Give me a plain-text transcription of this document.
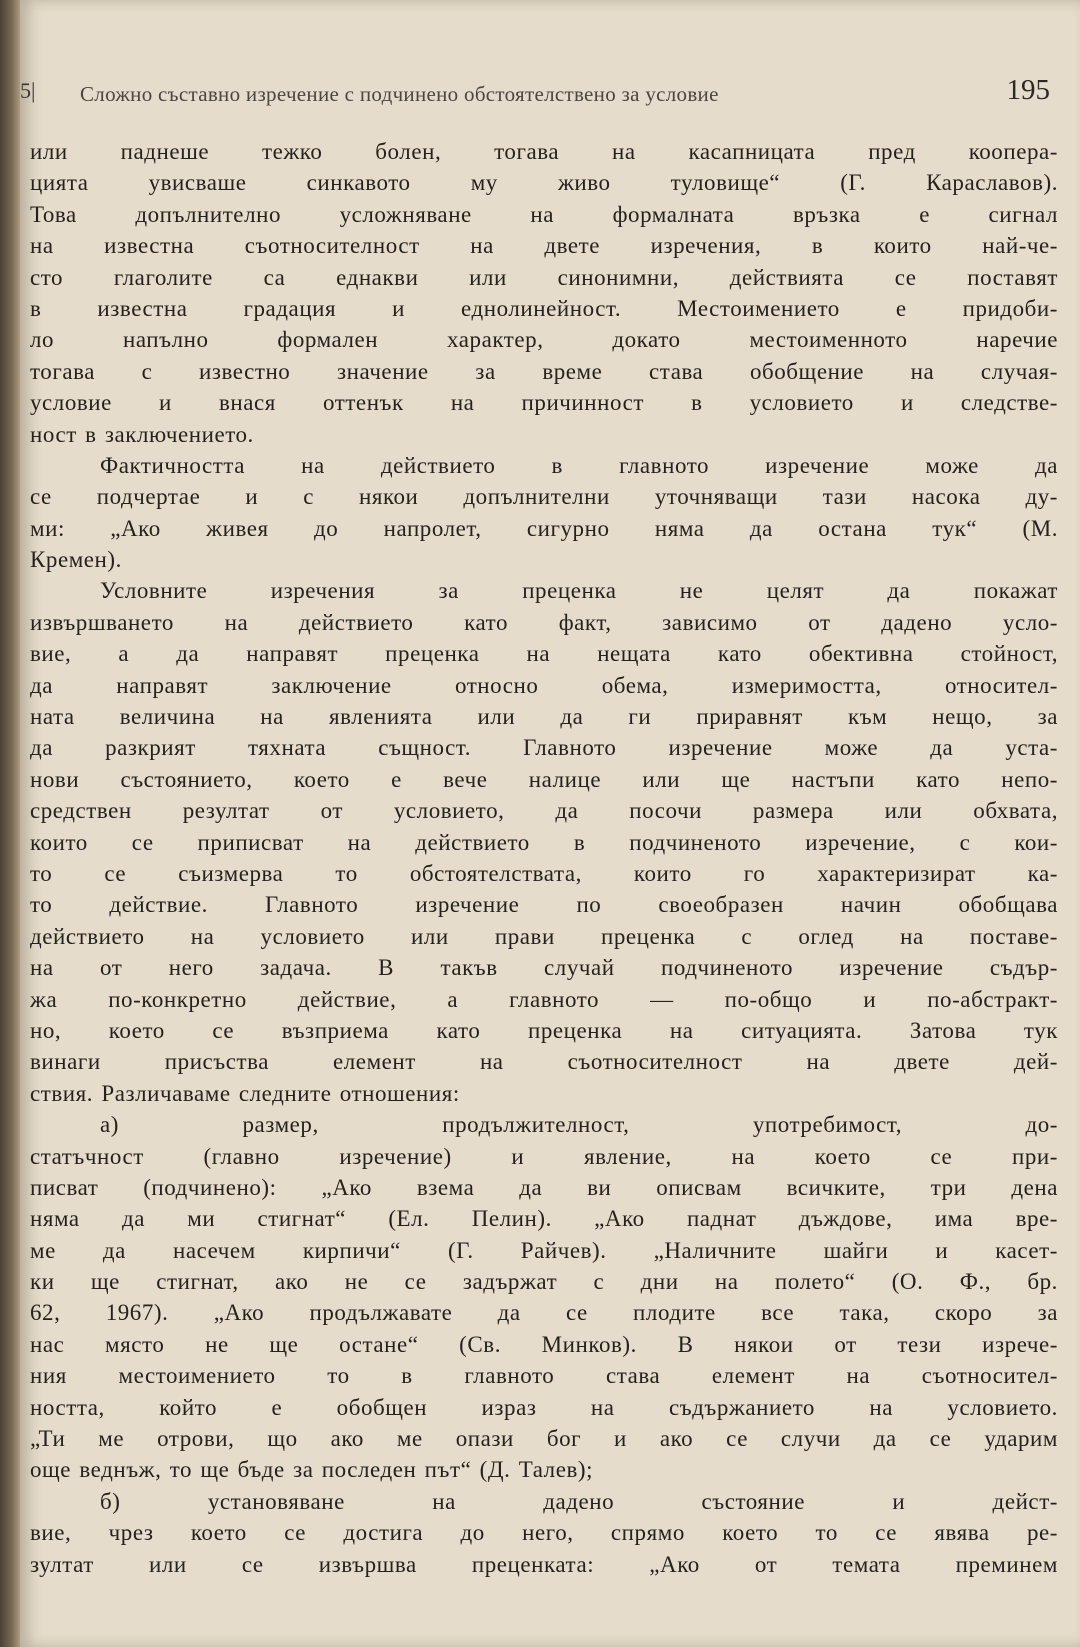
5| Сложно съставно изречение с подчинено обстоятелствено за условие	195
или паднеше тежко болен, тогава на касапницата пред коопера-
цията увисваше синкавото му живо туловище“ (Г. Караславов).
Това допълнително усложняване на формалната връзка е сигнал
на известна съотносителност на двете изречения, в които най-че-
сто глаголите са еднакви или синонимни, действията се поставят
в известна градация и еднолинейност. Местоимението е придоби-
ло напълно формален характер, докато местоименното наречие
тогава с известно значение за време става обобщение на случая-
условие и внася оттенък на причинност в условието и следстве-
ност в заключението.
Фактичността на действието в главното изречение може да
се подчертае и с някои допълнителни уточняващи тази насока ду-
ми: „Ако живея до напролет, сигурно няма да остана тук“ (М.
Кремен).
Условните изречения за преценка не целят да покажат
извършването на действието като факт, зависимо от дадено усло-
вие, а да направят преценка на нещата като обективна стойност,
да направят заключение относно обема, измеримостта, относител-
ната величина на явленията или да ги приравнят към нещо, за
да разкрият тяхната същност. Главното изречение може да уста-
нови състоянието, което е вече налице или ще настъпи като непо-
средствен резултат от условието, да посочи размера или обхвата,
които се приписват на действието в подчиненото изречение, с кои-
то се съизмерва то обстоятелствата, които го характеризират ка-
то действие. Главното изречение по своеобразен начин обобщава
действието на условието или прави преценка с оглед на поставе-
на от него задача. В такъв случай подчиненото изречение съдър-
жа по-конкретно действие, а главното — по-общо и по-абстракт-
но, което се възприема като преценка на ситуацията. Затова тук
винаги присъства елемент на съотносителност на двете дей-
ствия. Различаваме следните отношения:
а) размер, продължителност, употребимост, до-
статъчност (главно изречение) и явление, на което се при-
писват (подчинено): „Ако взема да ви описвам всичките, три дена
няма да ми стигнат“ (Ел. Пелин). „Ако паднат дъждове, има вре-
ме да насечем кирпичи“ (Г. Райчев). „Наличните шайги и касет-
ки ще стигнат, ако не се задържат с дни на полето“ (О. Ф., бр.
62, 1967). „Ако продължавате да се плодите все така, скоро за
нас място не ще остане“ (Св. Минков). В някои от тези изрече-
ния местоимението то в главното става елемент на съотносител-
ността, който е обобщен израз на съдържанието на условието.
„Ти ме отрови, що ако ме опази бог и ако се случи да се ударим
още веднъж, то ще бъде за последен път“ (Д. Талев);
б) установяване на дадено състояние и дейст-
вие, чрез което се достига до него, спрямо което то се явява ре-
зултат или се извършва преценката: „Ако от темата преминем
